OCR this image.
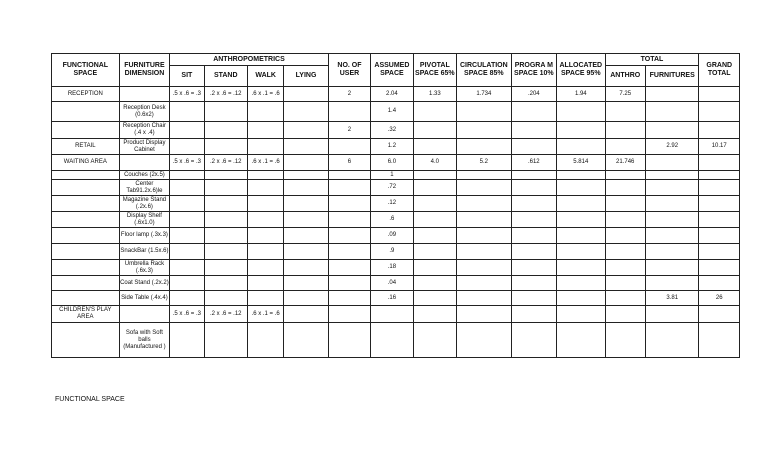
FUNCTIONAL SPACE	FURNITURE DIMENSION	ANTHROPOMETRICS				NO. OF USER	ASSUMED SPACE	PIVOTAL SPACE 65%	CIRCULATION SPACE 85%	PROGRA M SPACE 10%	ALLOCATED SPACE 95%	TOTAL		GRAND TOTAL
		SIT	STAND	WALK	LYING							ANTHRO	FURNITURES	
RECEPTION		.5 x .6 = .3	.2 x .6 = .12	.6 x .1 = .6		2	2.04	1.33	1.734	.204	1.94	7.25		
	Reception Desk (0.6x2)						1.4							
	Reception Chair (.4 x .4)					2	.32							
RETAIL	Product Display Cabinet						1.2						2.92	10.17
WAITING AREA		.5 x .6 = .3	.2 x .6 = .12	.6 x .1 = .6		6	6.0	4.0	5.2	.612	5.814	21.746		
	Couches (2x.5)						1							
	Center Tab91.2x.6)le						.72							
	Magazine Stand (.2x.6)						.12							
	Display Shelf (.6x1.0)						.6							
	Floor lamp (.3x.3)						.09							
	SnackBar (1.5x.6)						.9							
	Umbrella Rack (.6x.3)						.18							
	Coat Stand (.2x.2)						.04							
	Side Table (.4x.4)						.16						3.81	26
CHILDREN'S PLAY AREA		.5 x .6 = .3	.2 x .6 = .12	.6 x .1 = .6										
	Sofa with Soft balls (Manufactured )													
FUNCTIONAL SPACE
